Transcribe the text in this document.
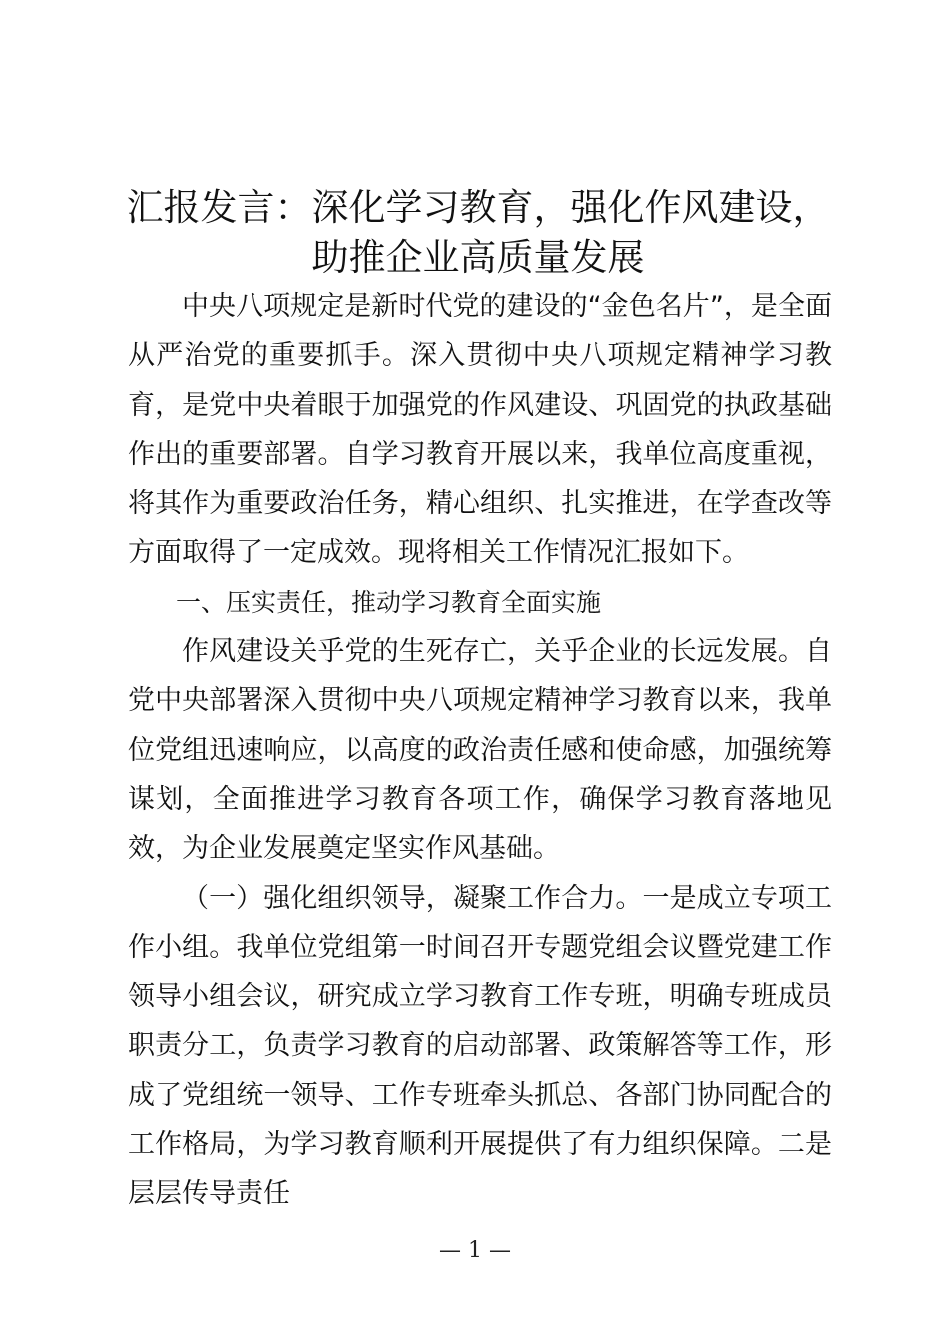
汇报发言：深化学习教育，强化作风建设，助推企业高质量发展

中央八项规定是新时代党的建设的“金色名片”，是全面从严治党的重要抓手。深入贯彻中央八项规定精神学习教育，是党中央着眼于加强党的作风建设、巩固党的执政基础作出的重要部署。自学习教育开展以来，我单位高度重视，将其作为重要政治任务，精心组织、扎实推进，在学查改等方面取得了一定成效。现将相关工作情况汇报如下。

一、压实责任，推动学习教育全面实施

作风建设关乎党的生死存亡，关乎企业的长远发展。自党中央部署深入贯彻中央八项规定精神学习教育以来，我单位党组迅速响应，以高度的政治责任感和使命感，加强统筹谋划，全面推进学习教育各项工作，确保学习教育落地见效，为企业发展奠定坚实作风基础。

（一）强化组织领导，凝聚工作合力。一是成立专项工作小组。我单位党组第一时间召开专题党组会议暨党建工作领导小组会议，研究成立学习教育工作专班，明确专班成员职责分工，负责学习教育的启动部署、政策解答等工作，形成了党组统一领导、工作专班牵头抓总、各部门协同配合的工作格局，为学习教育顺利开展提供了有力组织保障。二是层层传导责任

— 1 —
